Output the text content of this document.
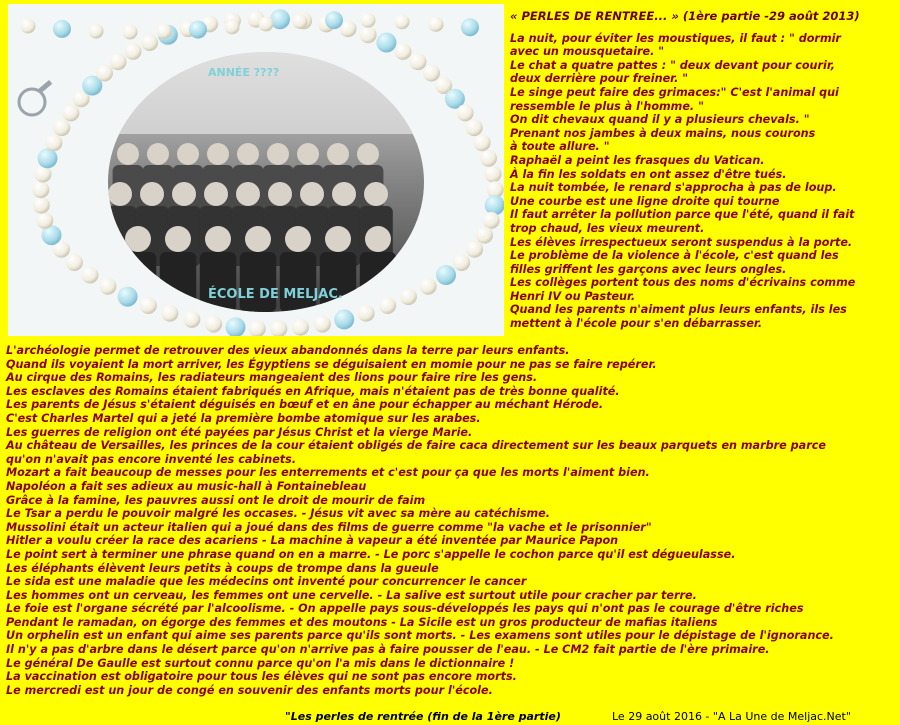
ANNÉE ????
ÉCOLE DE MELJAC.
« PERLES DE RENTREE... » (1ère partie -29 août 2013)
La nuit, pour éviter les moustiques, il faut : " dormir
avec un mousquetaire. "
Le chat a quatre pattes : " deux devant pour courir,
deux derrière pour freiner. "
Le singe peut faire des grimaces:" C'est l'animal qui
ressemble le plus à l'homme. "
On dit chevaux quand il y a plusieurs chevals. "
Prenant nos jambes à deux mains, nous courons
à toute allure. "
Raphaël a peint les frasques du Vatican.
À la fin les soldats en ont assez d'être tués.
La nuit tombée, le renard s'approcha à pas de loup.
Une courbe est une ligne droite qui tourne
Il faut arrêter la pollution parce que l'été, quand il fait
trop chaud, les vieux meurent.
Les élèves irrespectueux seront suspendus à la porte.
Le problème de la violence à l'école, c'est quand les
filles griffent les garçons avec leurs ongles.
Les collèges portent tous des noms d'écrivains comme
Henri IV ou Pasteur.
Quand les parents n'aiment plus leurs enfants, ils les
mettent à l'école pour s'en débarrasser.
L'archéologie permet de retrouver des vieux abandonnés dans la terre par leurs enfants.
Quand ils voyaient la mort arriver, les Égyptiens se déguisaient en momie pour ne pas se faire repérer.
Au cirque des Romains, les radiateurs mangeaient des lions pour faire rire les gens.
Les esclaves des Romains étaient fabriqués en Afrique, mais n'étaient pas de très bonne qualité.
Les parents de Jésus s'étaient déguisés en bœuf et en âne pour échapper au méchant Hérode.
C'est Charles Martel qui a jeté la première bombe atomique sur les arabes.
Les guerres de religion ont été payées par Jésus Christ et la vierge Marie.
Au château de Versailles, les princes de la cour étaient obligés de faire caca directement sur les beaux parquets en marbre parce
qu'on n'avait pas encore inventé les cabinets.
Mozart a fait beaucoup de messes pour les enterrements et c'est pour ça que les morts l'aiment bien.
Napoléon a fait ses adieux au music-hall à Fontainebleau
Grâce à la famine, les pauvres aussi ont le droit de mourir de faim
Le Tsar a perdu le pouvoir malgré les occases. - Jésus vit avec sa mère au catéchisme.
Mussolini était un acteur italien qui a joué dans des films de guerre comme "la vache et le prisonnier"
Hitler a voulu créer la race des acariens - La machine à vapeur a été inventée par Maurice Papon
Le point sert à terminer une phrase quand on en a marre. - Le porc s'appelle le cochon parce qu'il est dégueulasse.
Les éléphants élèvent leurs petits à coups de trompe dans la gueule
Le sida est une maladie que les médecins ont inventé pour concurrencer le cancer
Les hommes ont un cerveau, les femmes ont une cervelle. - La salive est surtout utile pour cracher par terre.
Le foie est l'organe sécrété par l'alcoolisme. - On appelle pays sous-développés les pays qui n'ont pas le courage d'être riches
Pendant le ramadan, on égorge des femmes et des moutons - La Sicile est un gros producteur de mafias italiens
Un orphelin est un enfant qui aime ses parents parce qu'ils sont morts. - Les examens sont utiles pour le dépistage de l'ignorance.
Il n'y a pas d'arbre dans le désert parce qu'on n'arrive pas à faire pousser de l'eau. - Le CM2 fait partie de l'ère primaire.
Le général De Gaulle est surtout connu parce qu'on l'a mis dans le dictionnaire !
La vaccination est obligatoire pour tous les élèves qui ne sont pas encore morts.
Le mercredi est un jour de congé en souvenir des enfants morts pour l'école.
"Les perles de rentrée (fin de la 1ère partie)	Le 29 août 2016 - "A La Une de Meljac.Net"
